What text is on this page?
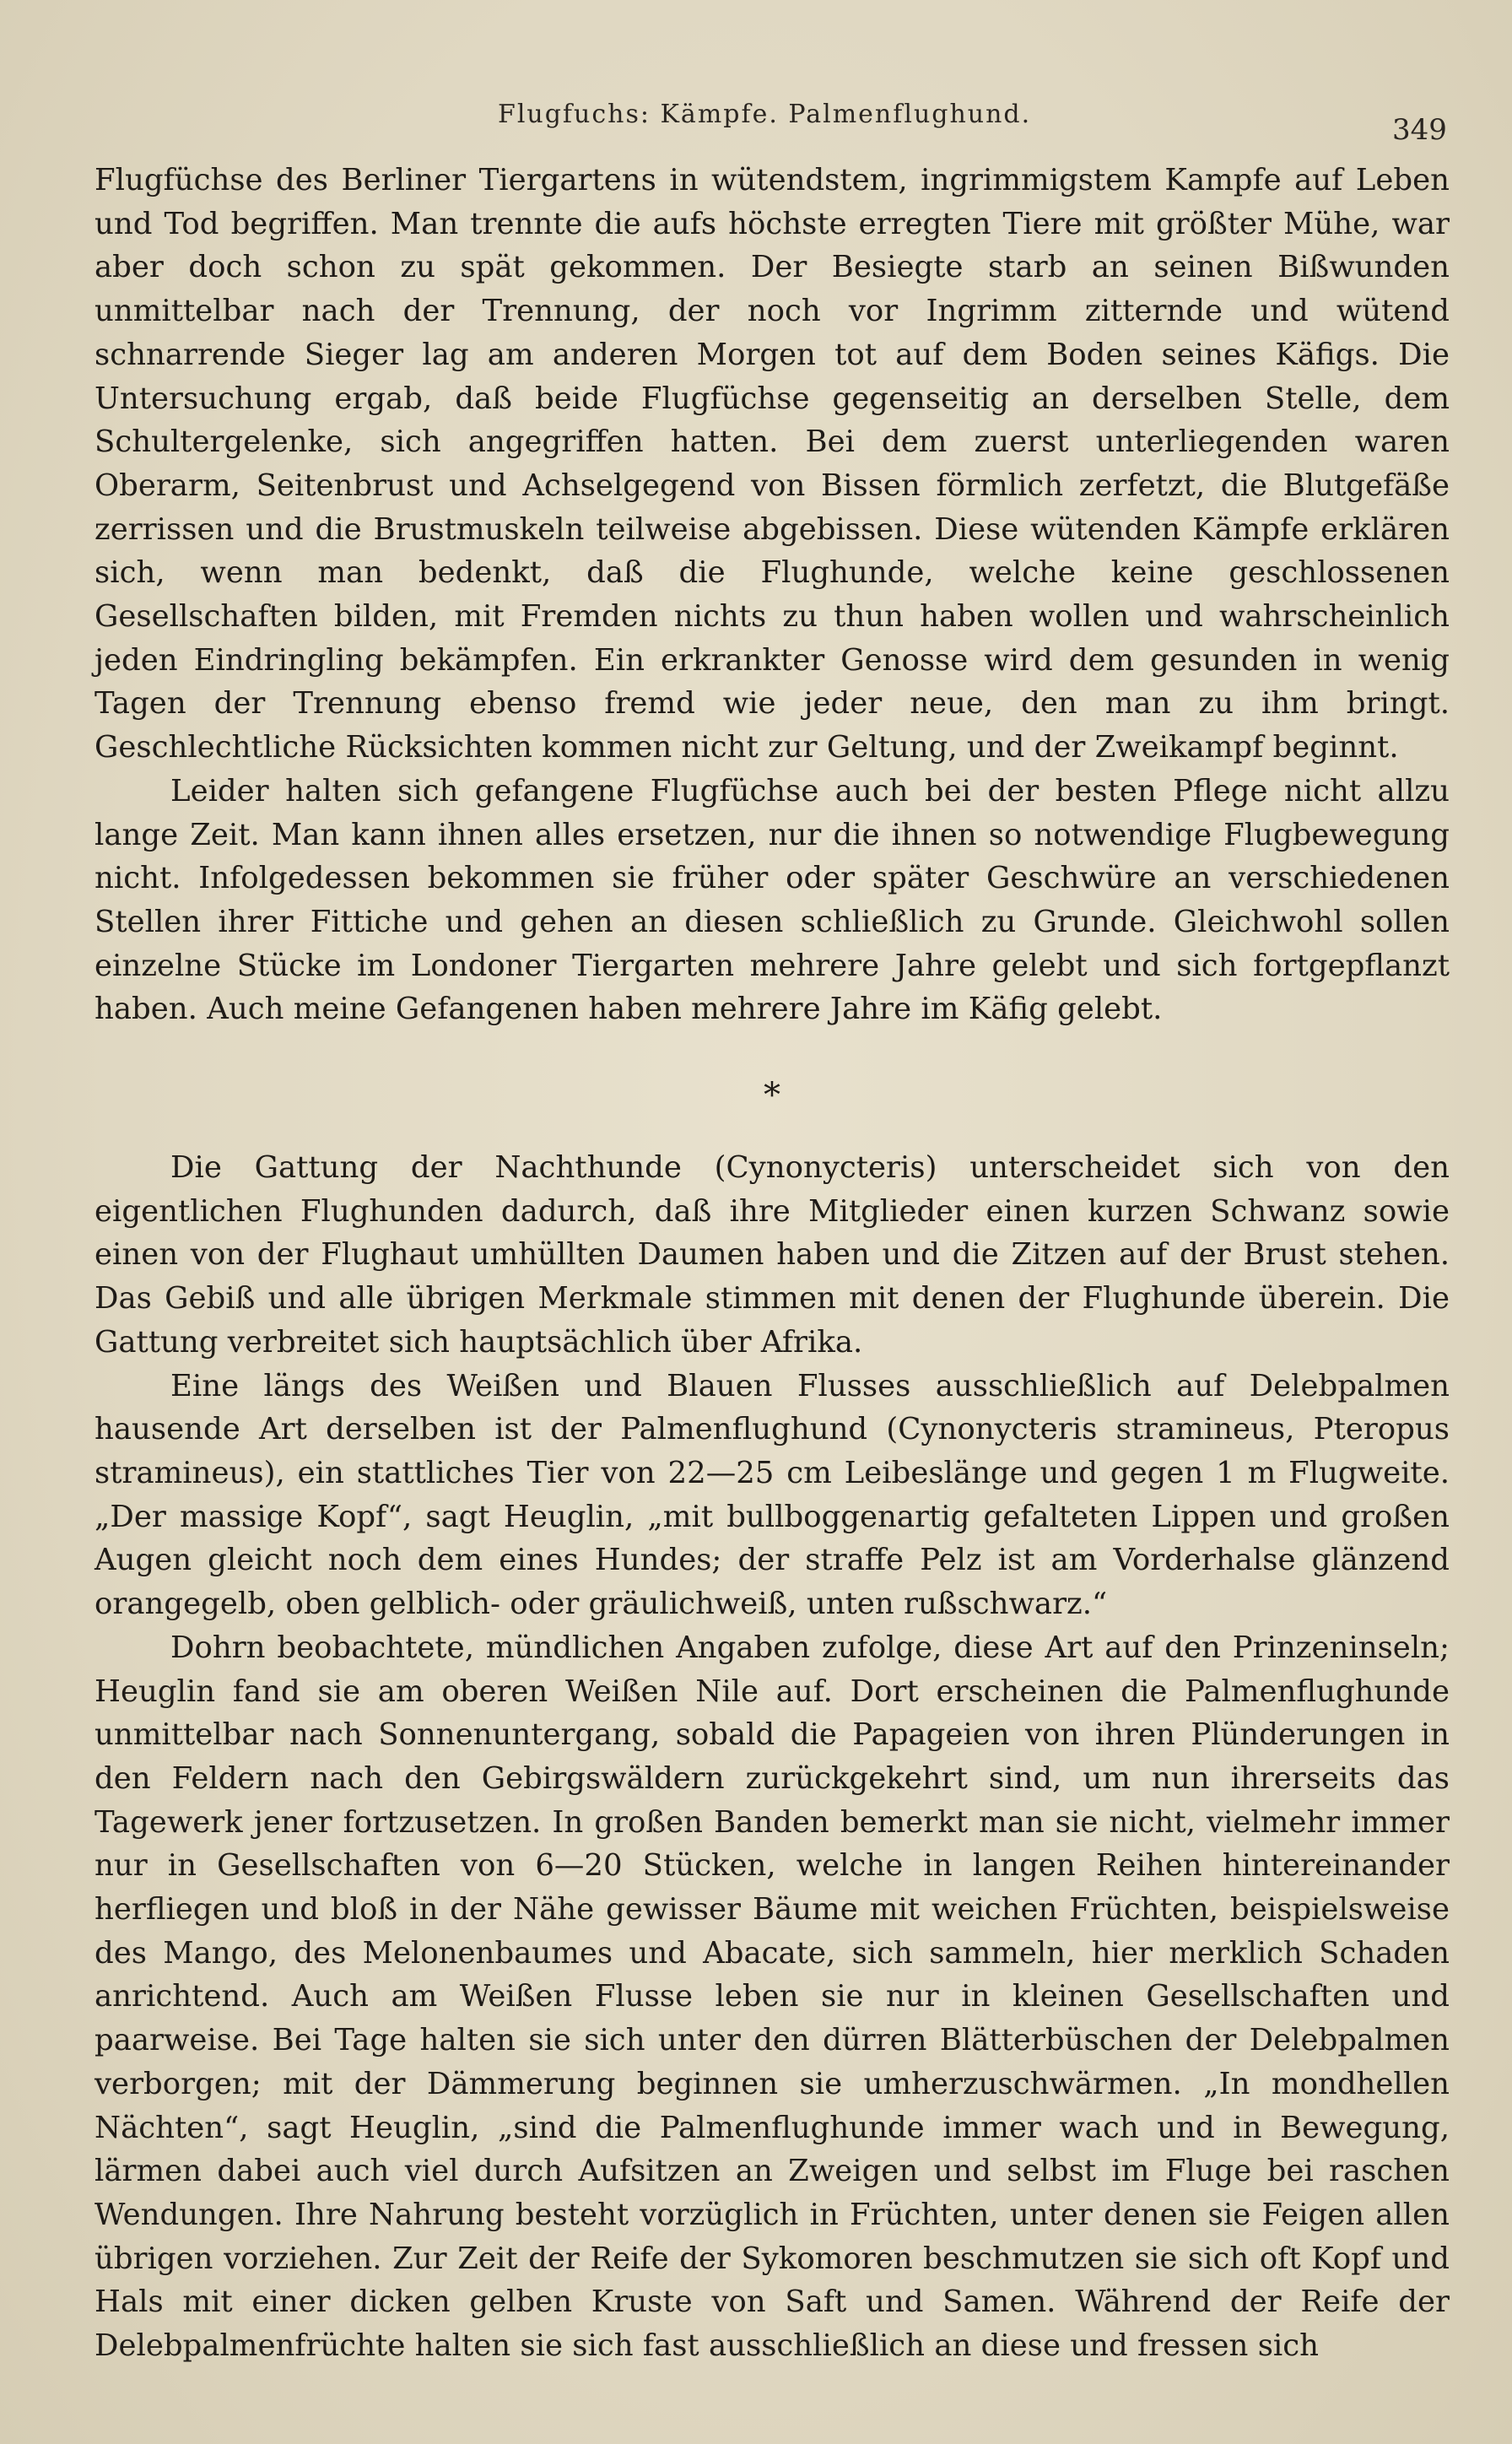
Flugfuchs: Kämpfe. Palmenflughund.	349

Flugfüchse des Berliner Tiergartens in wütendstem, ingrimmigstem Kampfe auf Leben und Tod begriffen. Man trennte die aufs höchste erregten Tiere mit größter Mühe, war aber doch schon zu spät gekommen. Der Besiegte starb an seinen Bißwunden unmittelbar nach der Trennung, der noch vor Ingrimm zitternde und wütend schnarrende Sieger lag am anderen Morgen tot auf dem Boden seines Käfigs. Die Untersuchung ergab, daß beide Flugfüchse gegenseitig an derselben Stelle, dem Schultergelenke, sich angegriffen hatten. Bei dem zuerst unterliegenden waren Oberarm, Seitenbrust und Achselgegend von Bissen förmlich zerfetzt, die Blutgefäße zerrissen und die Brustmuskeln teilweise abgebissen. Diese wütenden Kämpfe erklären sich, wenn man bedenkt, daß die Flughunde, welche keine geschlossenen Gesellschaften bilden, mit Fremden nichts zu thun haben wollen und wahrscheinlich jeden Eindringling bekämpfen. Ein erkrankter Genosse wird dem gesunden in wenig Tagen der Trennung ebenso fremd wie jeder neue, den man zu ihm bringt. Geschlechtliche Rücksichten kommen nicht zur Geltung, und der Zweikampf beginnt.

Leider halten sich gefangene Flugfüchse auch bei der besten Pflege nicht allzu lange Zeit. Man kann ihnen alles ersetzen, nur die ihnen so notwendige Flugbewegung nicht. Infolgedessen bekommen sie früher oder später Geschwüre an verschiedenen Stellen ihrer Fittiche und gehen an diesen schließlich zu Grunde. Gleichwohl sollen einzelne Stücke im Londoner Tiergarten mehrere Jahre gelebt und sich fortgepflanzt haben. Auch meine Gefangenen haben mehrere Jahre im Käfig gelebt.

*

Die Gattung der Nachthunde (Cynonycteris) unterscheidet sich von den eigentlichen Flughunden dadurch, daß ihre Mitglieder einen kurzen Schwanz sowie einen von der Flughaut umhüllten Daumen haben und die Zitzen auf der Brust stehen. Das Gebiß und alle übrigen Merkmale stimmen mit denen der Flughunde überein. Die Gattung verbreitet sich hauptsächlich über Afrika.

Eine längs des Weißen und Blauen Flusses ausschließlich auf Delebpalmen hausende Art derselben ist der Palmenflughund (Cynonycteris stramineus, Pteropus stramineus), ein stattliches Tier von 22—25 cm Leibeslänge und gegen 1 m Flugweite. „Der massige Kopf“, sagt Heuglin, „mit bullboggenartig gefalteten Lippen und großen Augen gleicht noch dem eines Hundes; der straffe Pelz ist am Vorderhalse glänzend orangegelb, oben gelblich- oder gräulichweiß, unten rußschwarz.“

Dohrn beobachtete, mündlichen Angaben zufolge, diese Art auf den Prinzeninseln; Heuglin fand sie am oberen Weißen Nile auf. Dort erscheinen die Palmenflughunde unmittelbar nach Sonnenuntergang, sobald die Papageien von ihren Plünderungen in den Feldern nach den Gebirgswäldern zurückgekehrt sind, um nun ihrerseits das Tagewerk jener fortzusetzen. In großen Banden bemerkt man sie nicht, vielmehr immer nur in Gesellschaften von 6—20 Stücken, welche in langen Reihen hintereinander herfliegen und bloß in der Nähe gewisser Bäume mit weichen Früchten, beispielsweise des Mango, des Melonenbaumes und Abacate, sich sammeln, hier merklich Schaden anrichtend. Auch am Weißen Flusse leben sie nur in kleinen Gesellschaften und paarweise. Bei Tage halten sie sich unter den dürren Blätterbüschen der Delebpalmen verborgen; mit der Dämmerung beginnen sie umherzuschwärmen. „In mondhellen Nächten“, sagt Heuglin, „sind die Palmenflughunde immer wach und in Bewegung, lärmen dabei auch viel durch Aufsitzen an Zweigen und selbst im Fluge bei raschen Wendungen. Ihre Nahrung besteht vorzüglich in Früchten, unter denen sie Feigen allen übrigen vorziehen. Zur Zeit der Reife der Sykomoren beschmutzen sie sich oft Kopf und Hals mit einer dicken gelben Kruste von Saft und Samen. Während der Reife der Delebpalmenfrüchte halten sie sich fast ausschließlich an diese und fressen sich
